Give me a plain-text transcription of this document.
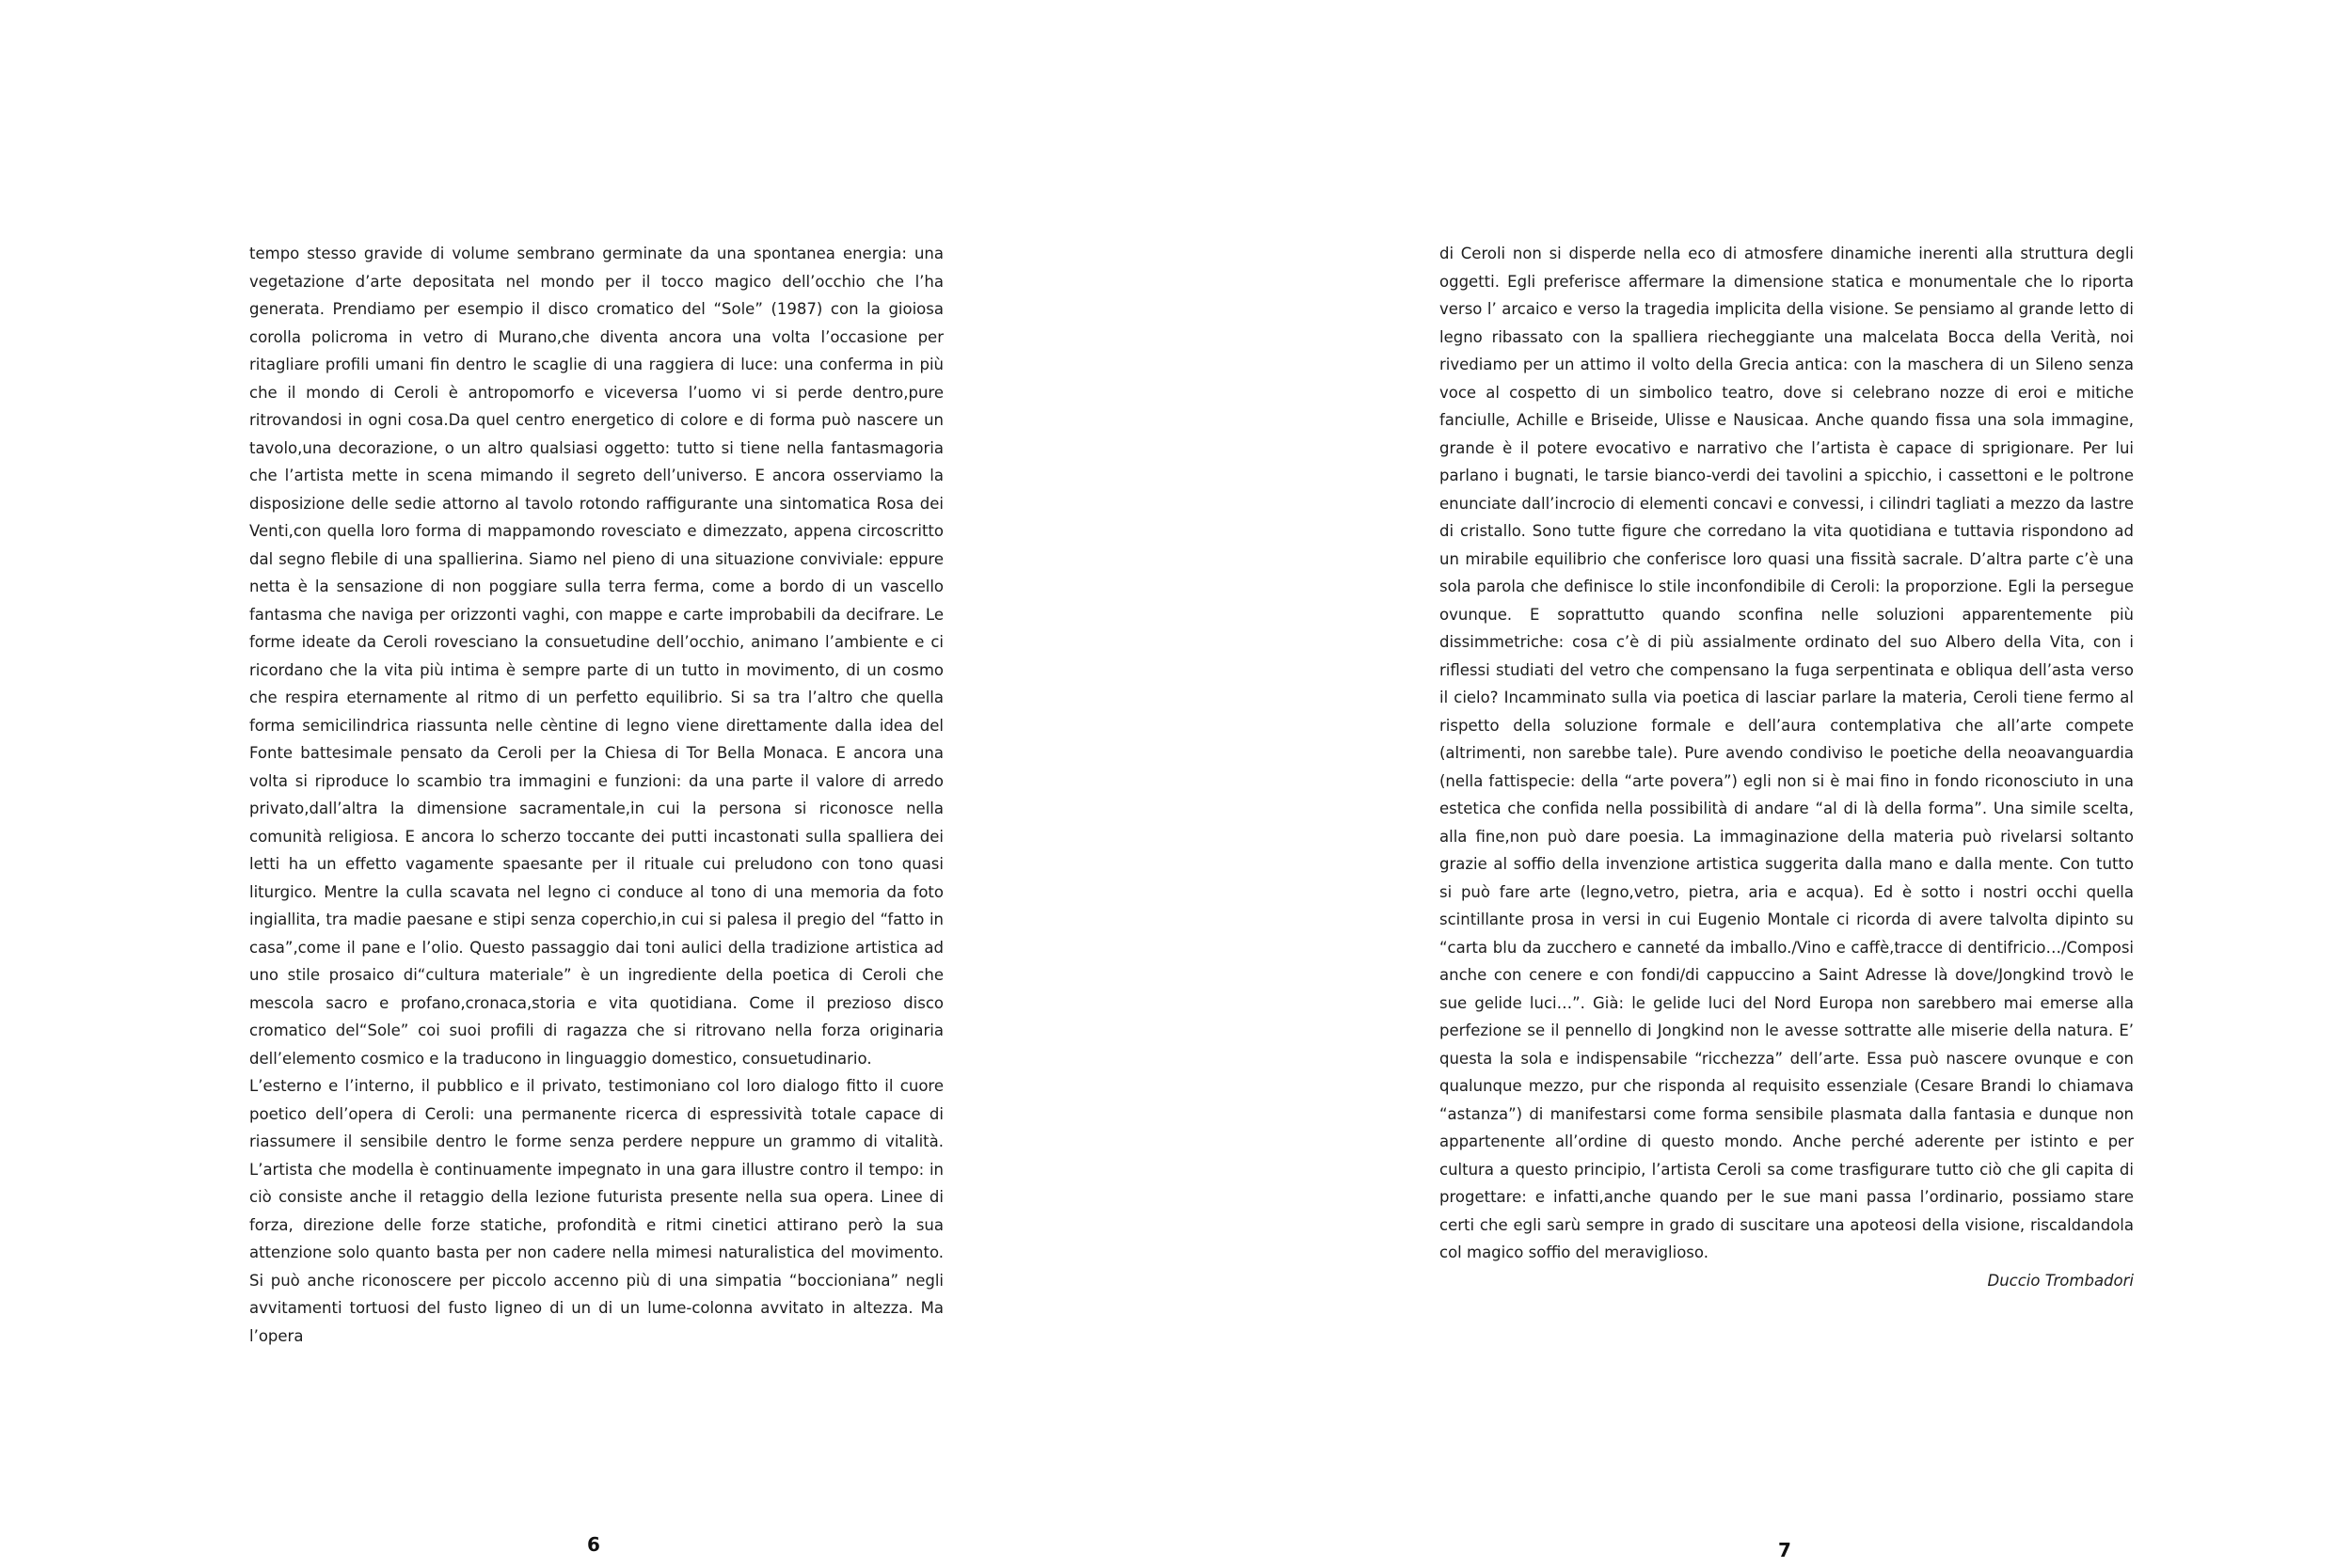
tempo stesso gravide di volume sembrano germinate da una spontanea energia: una vegetazione d’arte depositata nel mondo per il tocco magico dell’occhio che l’ha generata. Prendiamo per esempio il disco cromatico del “Sole” (1987) con la gioiosa corolla policroma in vetro di Murano,che diventa ancora una volta l’occasione per ritagliare profili umani fin dentro le scaglie di una raggiera di luce: una conferma in più che il mondo di Ceroli è antropomorfo e viceversa l’uomo vi si perde dentro,pure ritrovandosi in ogni cosa.Da quel centro energetico di colore e di forma può nascere un tavolo,una decorazione, o un altro qualsiasi oggetto: tutto si tiene nella fantasmagoria che l’artista mette in scena mimando il segreto dell’universo. E ancora osserviamo la disposizione delle sedie attorno al tavolo rotondo raffigurante una sintomatica Rosa dei Venti,con quella loro forma di mappamondo rovesciato e dimezzato, appena circoscritto dal segno flebile di una spallierina. Siamo nel pieno di una situazione conviviale: eppure netta è la sensazione di non poggiare sulla terra ferma, come a bordo di un vascello fantasma che naviga per orizzonti vaghi, con mappe e carte improbabili da decifrare. Le forme ideate da Ceroli rovesciano la consuetudine dell’occhio, animano l’ambiente e ci ricordano che la vita più intima è sempre parte di un tutto in movimento, di un cosmo che respira eternamente al ritmo di un perfetto equilibrio. Si sa tra l’altro che quella forma semicilindrica riassunta nelle cèntine di legno viene direttamente dalla idea del Fonte battesimale pensato da Ceroli per la Chiesa di Tor Bella Monaca. E ancora una volta si riproduce lo scambio tra immagini e funzioni: da una parte il valore di arredo privato,dall’altra la dimensione sacramentale,in cui la persona si riconosce nella comunità religiosa. E ancora lo scherzo toccante dei putti incastonati sulla spalliera dei letti ha un effetto vagamente spaesante per il rituale cui preludono con tono quasi liturgico. Mentre la culla scavata nel legno ci conduce al tono di una memoria da foto ingiallita, tra madie paesane e stipi senza coperchio,in cui si palesa il pregio del “fatto in casa”,come il pane e l’olio. Questo passaggio dai toni aulici della tradizione artistica ad uno stile prosaico di“cultura materiale” è un ingrediente della poetica di Ceroli che mescola sacro e profano,cronaca,storia e vita quotidiana. Come il prezioso disco cromatico del“Sole” coi suoi profili di ragazza che si ritrovano nella forza originaria dell’elemento cosmico e la traducono in linguaggio domestico, consuetudinario.

L’esterno e l’interno, il pubblico e il privato, testimoniano col loro dialogo fitto il cuore poetico dell’opera di Ceroli: una permanente ricerca di espressività totale capace di riassumere il sensibile dentro le forme senza perdere neppure un grammo di vitalità. L’artista che modella è continuamente impegnato in una gara illustre contro il tempo: in ciò consiste anche il retaggio della lezione futurista presente nella sua opera. Linee di forza, direzione delle forze statiche, profondità e ritmi cinetici attirano però la sua attenzione solo quanto basta per non cadere nella mimesi naturalistica del movimento. Si può anche riconoscere per piccolo accenno più di una simpatia “boccioniana” negli avvitamenti tortuosi del fusto ligneo di un di un lume-colonna avvitato in altezza. Ma l’opera

di Ceroli non si disperde nella eco di atmosfere dinamiche inerenti alla struttura degli oggetti. Egli preferisce affermare la dimensione statica e monumentale che lo riporta verso l’ arcaico e verso la tragedia implicita della visione. Se pensiamo al grande letto di legno ribassato con la spalliera riecheggiante una malcelata Bocca della Verità, noi rivediamo per un attimo il volto della Grecia antica: con la maschera di un Sileno senza voce al cospetto di un simbolico teatro, dove si celebrano nozze di eroi e mitiche fanciulle, Achille e Briseide, Ulisse e Nausicaa. Anche quando fissa una sola immagine, grande è il potere evocativo e narrativo che l’artista è capace di sprigionare. Per lui parlano i bugnati, le tarsie bianco-verdi dei tavolini a spicchio, i cassettoni e le poltrone enunciate dall’incrocio di elementi concavi e convessi, i cilindri tagliati a mezzo da lastre di cristallo. Sono tutte figure che corredano la vita quotidiana e tuttavia rispondono ad un mirabile equilibrio che conferisce loro quasi una fissità sacrale. D’altra parte c’è una sola parola che definisce lo stile inconfondibile di Ceroli: la proporzione. Egli la persegue ovunque. E soprattutto quando sconfina nelle soluzioni apparentemente più dissimmetriche: cosa c’è di più assialmente ordinato del suo Albero della Vita, con i riflessi studiati del vetro che compensano la fuga serpentinata e obliqua dell’asta verso il cielo? Incamminato sulla via poetica di lasciar parlare la materia, Ceroli tiene fermo al rispetto della soluzione formale e dell’aura contemplativa che all’arte compete (altrimenti, non sarebbe tale). Pure avendo condiviso le poetiche della neoavanguardia (nella fattispecie: della “arte povera”) egli non si è mai fino in fondo riconosciuto in una estetica che confida nella possibilità di andare “al di là della forma”. Una simile scelta, alla fine,non può dare poesia. La immaginazione della materia può rivelarsi soltanto grazie al soffio della invenzione artistica suggerita dalla mano e dalla mente. Con tutto si può fare arte (legno,vetro, pietra, aria e acqua). Ed è sotto i nostri occhi quella scintillante prosa in versi in cui Eugenio Montale ci ricorda di avere talvolta dipinto su “carta blu da zucchero e canneté da imballo./Vino e caffè,tracce di dentifricio…/Composi anche con cenere e con fondi/di cappuccino a Saint Adresse là dove/Jongkind trovò le sue gelide luci…”. Già: le gelide luci del Nord Europa non sarebbero mai emerse alla perfezione se il pennello di Jongkind non le avesse sottratte alle miserie della natura. E’ questa la sola e indispensabile “ricchezza” dell’arte. Essa può nascere ovunque e con qualunque mezzo, pur che risponda al requisito essenziale (Cesare Brandi lo chiamava “astanza”) di manifestarsi come forma sensibile plasmata dalla fantasia e dunque non appartenente all’ordine di questo mondo. Anche perché aderente per istinto e per cultura a questo principio, l’artista Ceroli sa come trasfigurare tutto ciò che gli capita di progettare: e infatti,anche quando per le sue mani passa l’ordinario, possiamo stare certi che egli sarù sempre in grado di suscitare una apoteosi della visione, riscaldandola col magico soffio del meraviglioso.

Duccio Trombadori

6	7
